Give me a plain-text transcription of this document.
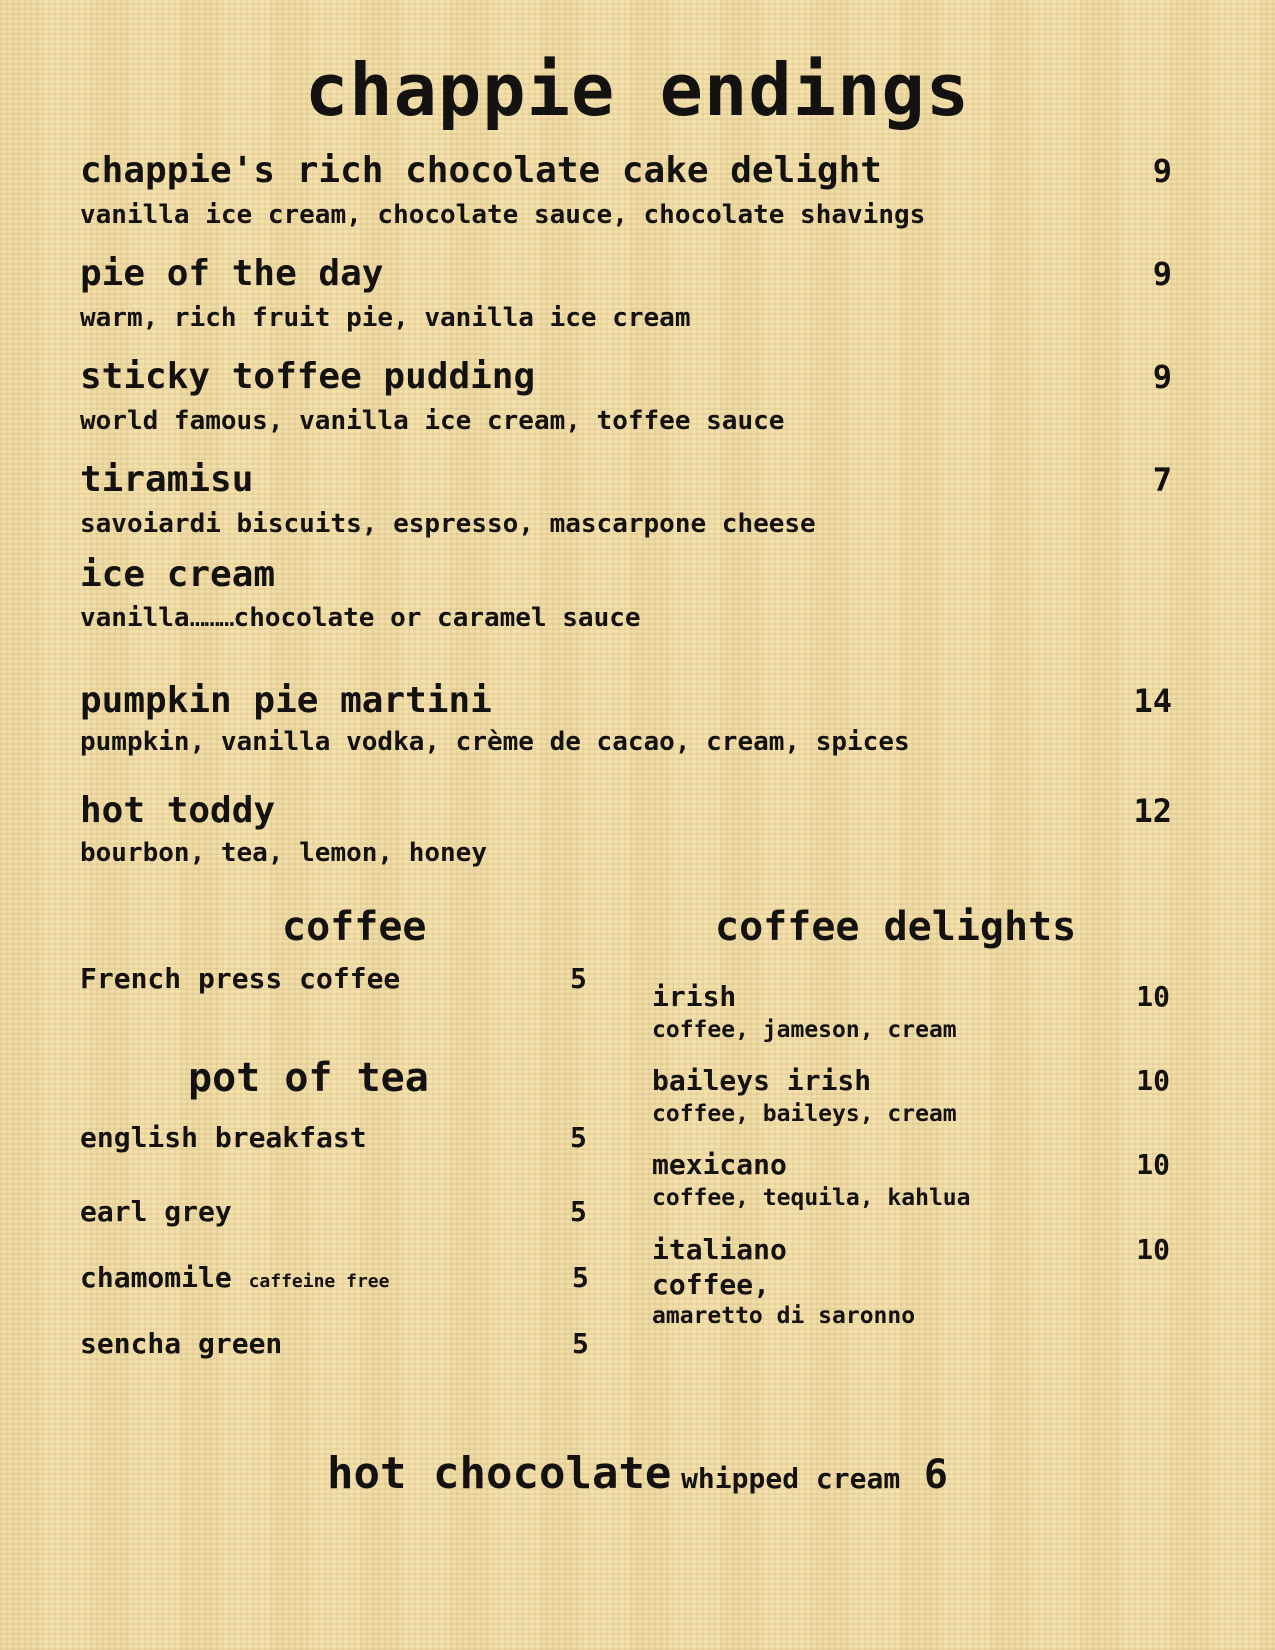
chappie endings
chappie's rich chocolate cake delight
vanilla ice cream, chocolate sauce, chocolate shavings
9
pie of the day
warm, rich fruit pie, vanilla ice cream
9
sticky toffee pudding
world famous, vanilla ice cream, toffee sauce
9
tiramisu
savoiardi biscuits, espresso, mascarpone cheese
7
ice cream
vanilla………chocolate or caramel sauce
pumpkin pie martini
pumpkin, vanilla vodka, crème de cacao, cream, spices
14
hot toddy
bourbon, tea, lemon, honey
12
coffee
French press coffee	5
pot of tea
english breakfast	5
earl grey	5
chamomile caffeine free	5
sencha green	5
coffee delights
irish
coffee, jameson, cream
10
baileys irish
coffee, baileys, cream
10
mexicano
coffee, tequila, kahlua
10
italiano
coffee,
amaretto di saronno
10
hot chocolate whipped cream 6
